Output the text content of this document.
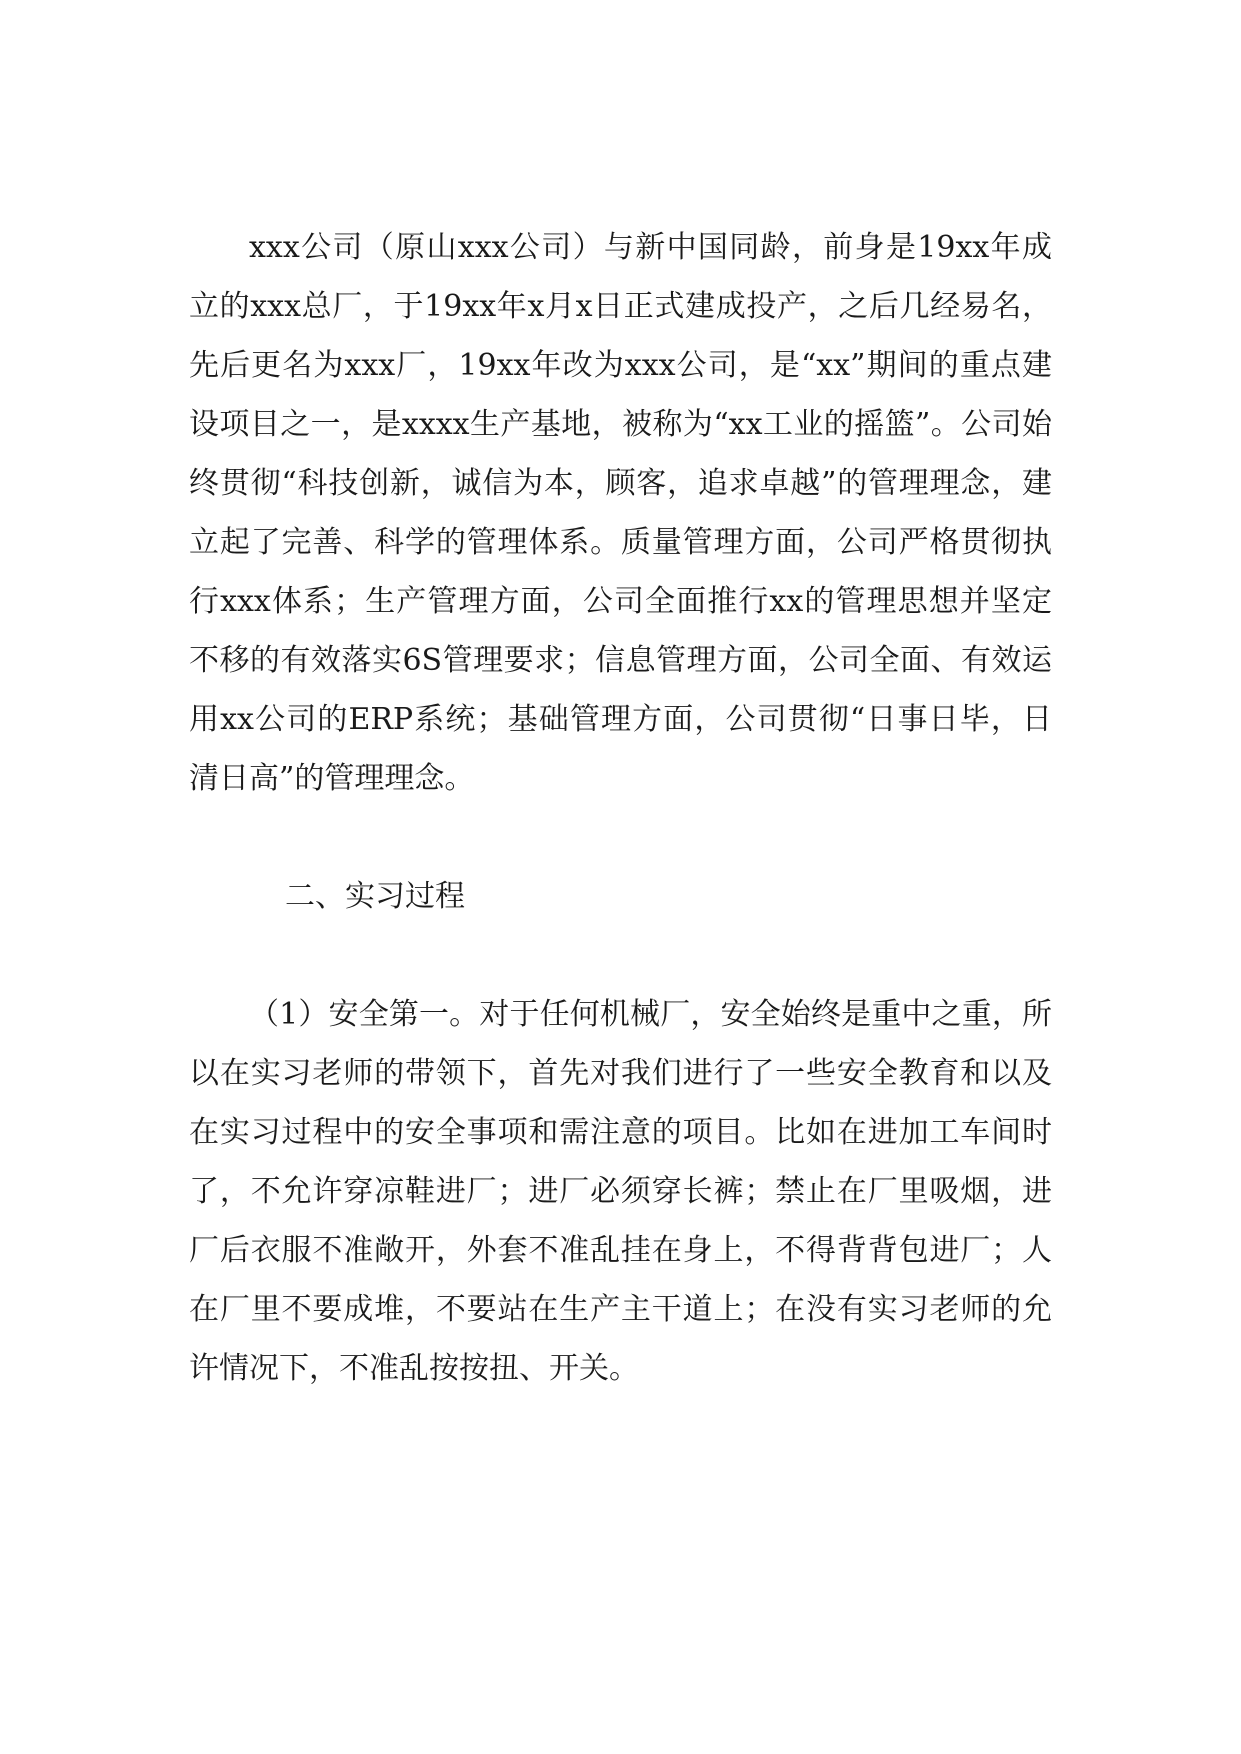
xxx公司（原山xxx公司）与新中国同龄，前身是19xx年成立的xxx总厂，于19xx年x月x日正式建成投产，之后几经易名，先后更名为xxx厂，19xx年改为xxx公司，是“xx”期间的重点建设项目之一，是xxxx生产基地，被称为“xx工业的摇篮”。公司始终贯彻“科技创新，诚信为本，顾客，追求卓越”的管理理念，建立起了完善、科学的管理体系。质量管理方面，公司严格贯彻执行xxx体系；生产管理方面，公司全面推行xx的管理思想并坚定不移的有效落实6S管理要求；信息管理方面，公司全面、有效运用xx公司的ERP系统；基础管理方面，公司贯彻“日事日毕，日清日高”的管理理念。

二、实习过程

（1）安全第一。对于任何机械厂，安全始终是重中之重，所以在实习老师的带领下，首先对我们进行了一些安全教育和以及在实习过程中的安全事项和需注意的项目。比如在进加工车间时了，不允许穿凉鞋进厂；进厂必须穿长裤；禁止在厂里吸烟，进厂后衣服不准敞开，外套不准乱挂在身上，不得背背包进厂；人在厂里不要成堆，不要站在生产主干道上；在没有实习老师的允许情况下，不准乱按按扭、开关。
